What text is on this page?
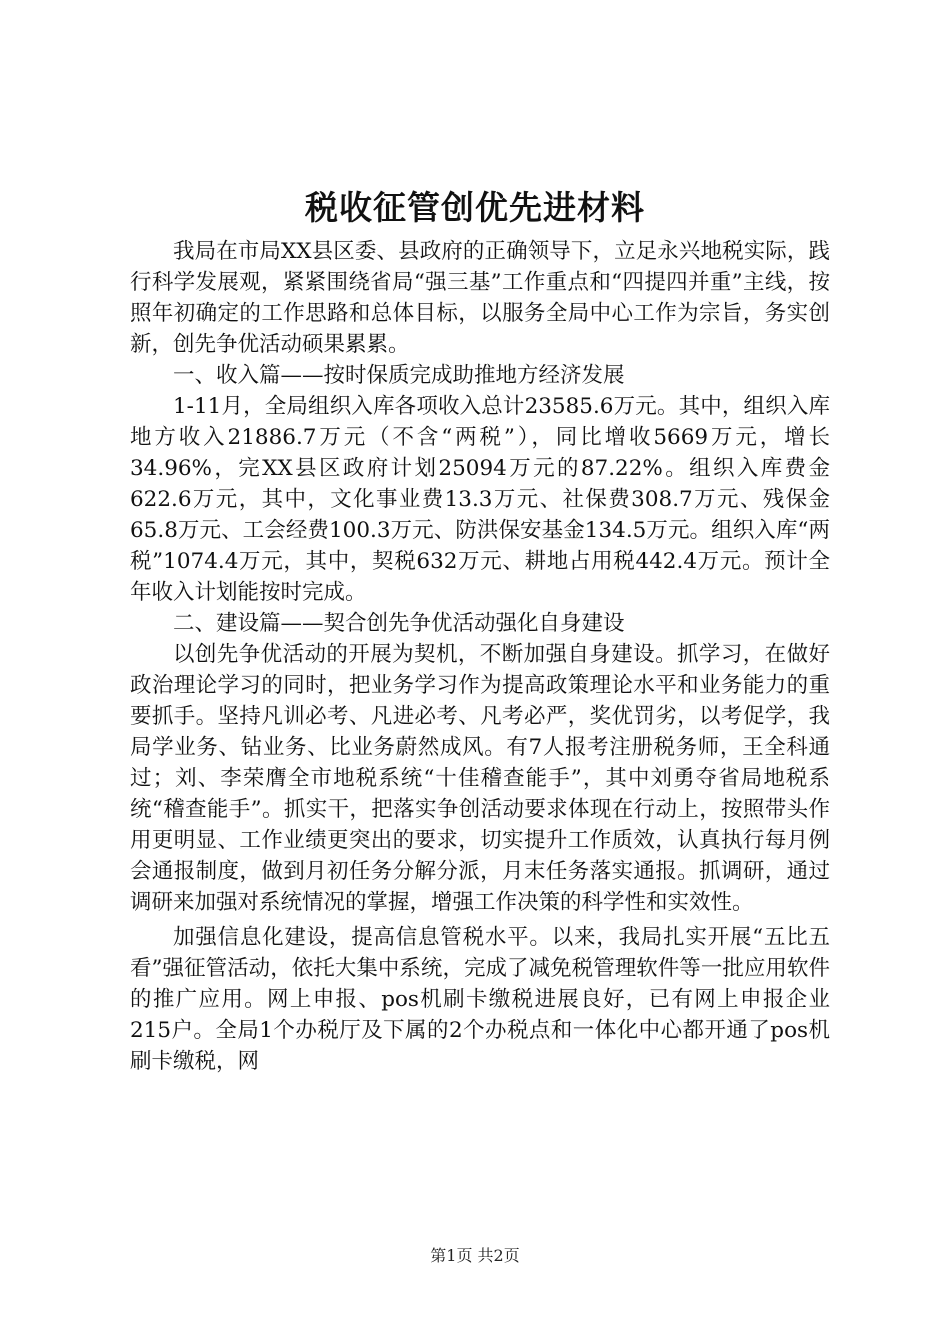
税收征管创优先进材料

我局在市局XX县区委、县政府的正确领导下，立足永兴地税实际，践行科学发展观，紧紧围绕省局“强三基”工作重点和“四提四并重”主线，按照年初确定的工作思路和总体目标，以服务全局中心工作为宗旨，务实创新，创先争优活动硕果累累。

一、收入篇——按时保质完成助推地方经济发展

1-11月，全局组织入库各项收入总计23585.6万元。其中，组织入库地方收入21886.7万元（不含“两税”），同比增收5669万元，增长34.96%，完XX县区政府计划25094万元的87.22%。组织入库费金622.6万元，其中，文化事业费13.3万元、社保费308.7万元、残保金65.8万元、工会经费100.3万元、防洪保安基金134.5万元。组织入库“两税”1074.4万元，其中，契税632万元、耕地占用税442.4万元。预计全年收入计划能按时完成。

二、建设篇——契合创先争优活动强化自身建设

以创先争优活动的开展为契机，不断加强自身建设。抓学习，在做好政治理论学习的同时，把业务学习作为提高政策理论水平和业务能力的重要抓手。坚持凡训必考、凡进必考、凡考必严，奖优罚劣，以考促学，我局学业务、钻业务、比业务蔚然成风。有7人报考注册税务师，王全科通过；刘、李荣膺全市地税系统“十佳稽查能手”，其中刘勇夺省局地税系统“稽查能手”。抓实干，把落实争创活动要求体现在行动上，按照带头作用更明显、工作业绩更突出的要求，切实提升工作质效，认真执行每月例会通报制度，做到月初任务分解分派，月末任务落实通报。抓调研，通过调研来加强对系统情况的掌握，增强工作决策的科学性和实效性。

加强信息化建设，提高信息管税水平。以来，我局扎实开展“五比五看”强征管活动，依托大集中系统，完成了减免税管理软件等一批应用软件的推广应用。网上申报、pos机刷卡缴税进展良好，已有网上申报企业215户。全局1个办税厅及下属的2个办税点和一体化中心都开通了pos机刷卡缴税，网

第1页 共2页
